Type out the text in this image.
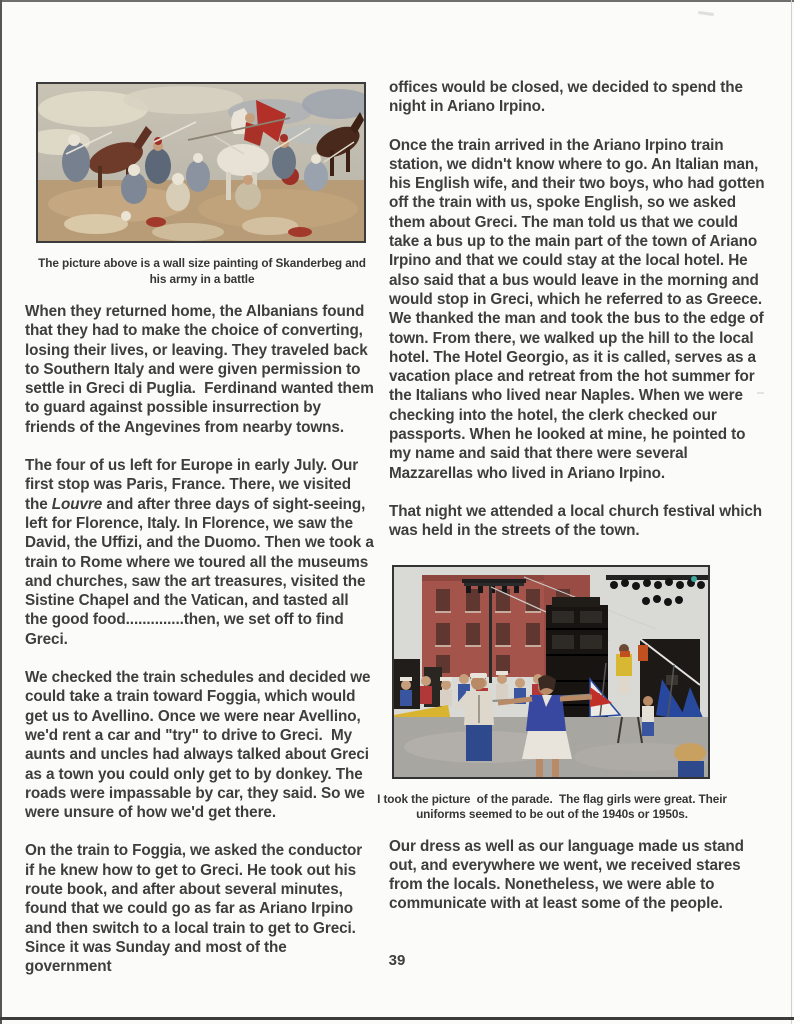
The picture above is a wall size painting of Skanderbeg and his army in a battle

When they returned home, the Albanians found that they had to make the choice of converting, losing their lives, or leaving. They traveled back to Southern Italy and were given permission to settle in Greci di Puglia.  Ferdinand wanted them to guard against possible insurrection by friends of the Angevines from nearby towns.

The four of us left for Europe in early July. Our first stop was Paris, France. There, we visited the Louvre and after three days of sight-seeing, left for Florence, Italy. In Florence, we saw the David, the Uffizi, and the Duomo. Then we took a train to Rome where we toured all the museums and churches, saw the art treasures, visited the Sistine Chapel and the Vatican, and tasted all the good food..............then, we set off to find Greci.

We checked the train schedules and decided we could take a train toward Foggia, which would get us to Avellino. Once we were near Avellino, we'd rent a car and "try" to drive to Greci.  My aunts and uncles had always talked about Greci as a town you could only get to by donkey. The roads were impassable by car, they said. So we were unsure of how we'd get there.

On the train to Foggia, we asked the conductor if he knew how to get to Greci. He took out his route book, and after about several minutes, found that we could go as far as Ariano Irpino and then switch to a local train to get to Greci. Since it was Sunday and most of the government

offices would be closed, we decided to spend the night in Ariano Irpino.

Once the train arrived in the Ariano Irpino train station, we didn't know where to go. An Italian man, his English wife, and their two boys, who had gotten off the train with us, spoke English, so we asked them about Greci. The man told us that we could take a bus up to the main part of the town of Ariano Irpino and that we could stay at the local hotel. He also said that a bus would leave in the morning and would stop in Greci, which he referred to as Greece. We thanked the man and took the bus to the edge of town. From there, we walked up the hill to the local hotel. The Hotel Georgio, as it is called, serves as a vacation place and retreat from the hot summer for the Italians who lived near Naples. When we were checking into the hotel, the clerk checked our passports. When he looked at mine, he pointed to my name and said that there were several Mazzarellas who lived in Ariano Irpino.

That night we attended a local church festival which was held in the streets of the town.

I took the picture  of the parade.  The flag girls were great. Their uniforms seemed to be out of the 1940s or 1950s.

Our dress as well as our language made us stand out, and everywhere we went, we received stares from the locals. Nonetheless, we were able to communicate with at least some of the people.

39
